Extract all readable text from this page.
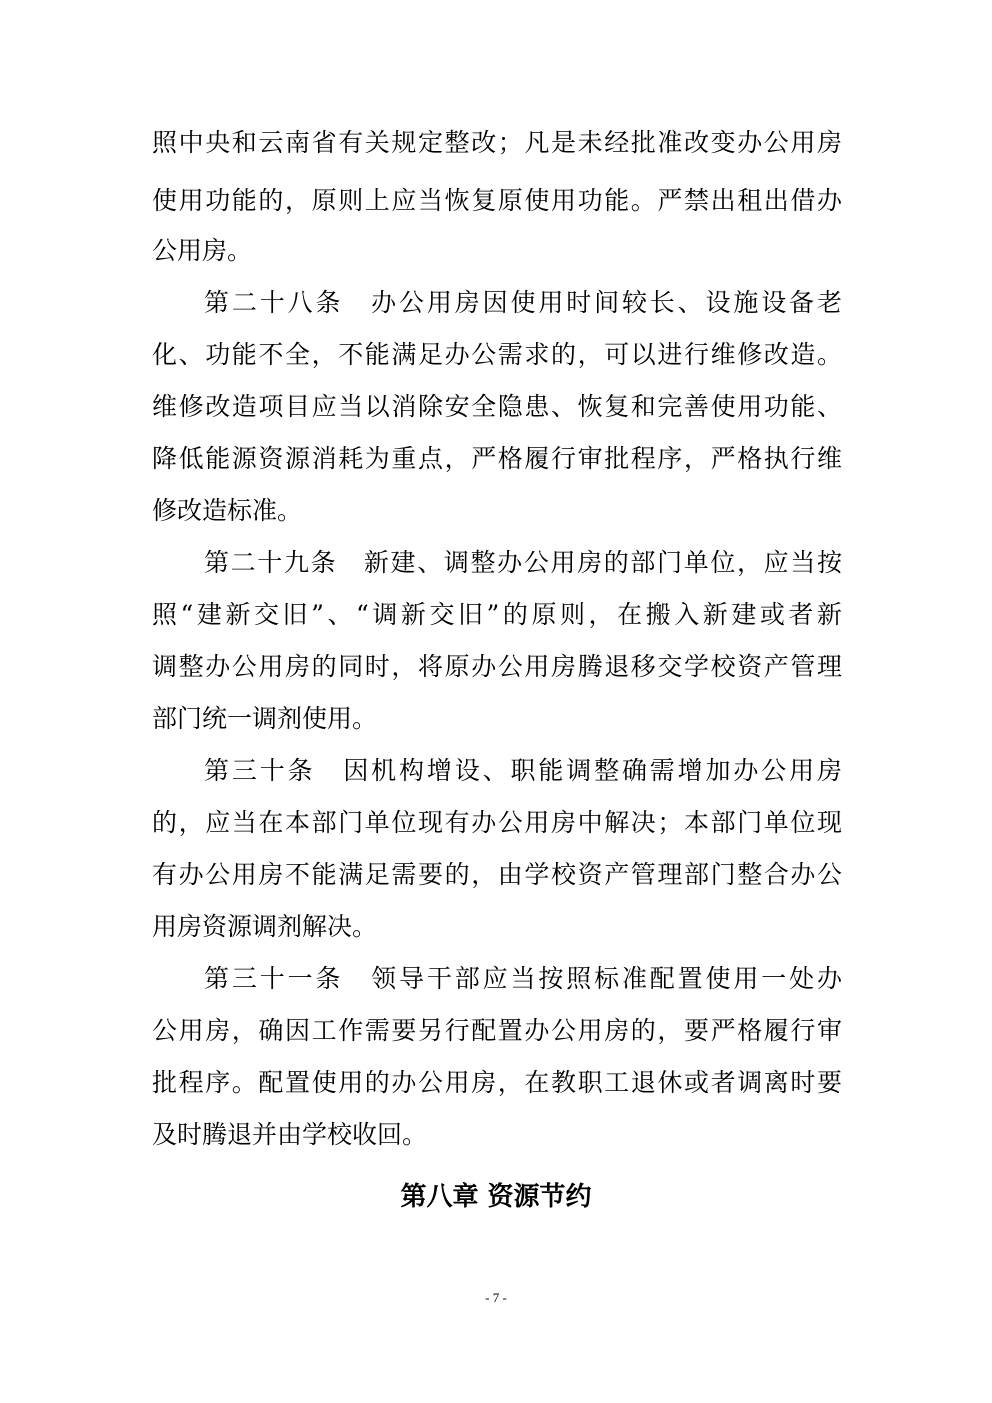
照中央和云南省有关规定整改；凡是未经批准改变办公用房
使用功能的，原则上应当恢复原使用功能。严禁出租出借办
公用房。
第二十八条　办公用房因使用时间较长、设施设备老
化、功能不全，不能满足办公需求的，可以进行维修改造。
维修改造项目应当以消除安全隐患、恢复和完善使用功能、
降低能源资源消耗为重点，严格履行审批程序，严格执行维
修改造标准。
第二十九条　新建、调整办公用房的部门单位，应当按
照“建新交旧”、“调新交旧”的原则，在搬入新建或者新
调整办公用房的同时，将原办公用房腾退移交学校资产管理
部门统一调剂使用。
第三十条　因机构增设、职能调整确需增加办公用房
的，应当在本部门单位现有办公用房中解决；本部门单位现
有办公用房不能满足需要的，由学校资产管理部门整合办公
用房资源调剂解决。
第三十一条　领导干部应当按照标准配置使用一处办
公用房，确因工作需要另行配置办公用房的，要严格履行审
批程序。配置使用的办公用房，在教职工退休或者调离时要
及时腾退并由学校收回。
第八章 资源节约
- 7 -
